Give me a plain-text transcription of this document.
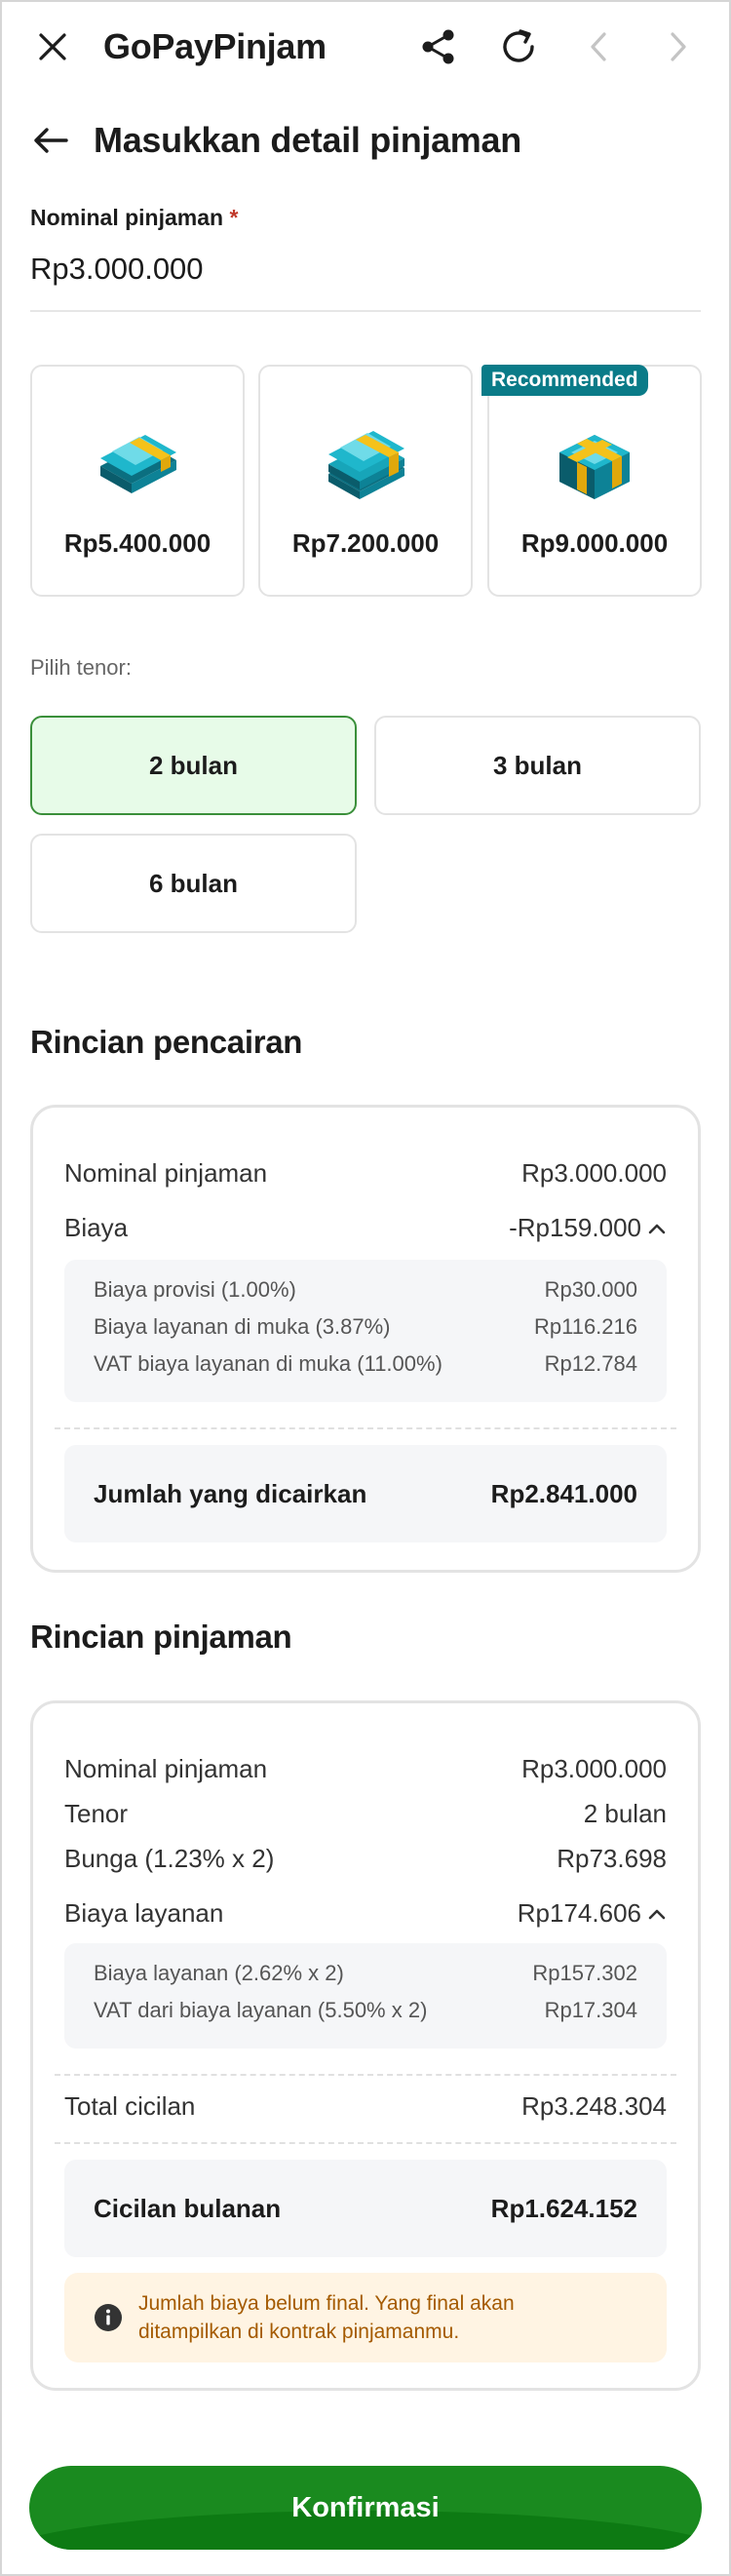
GoPayPinjam
Masukkan detail pinjaman
Nominal pinjaman *
Rp3.000.000
Rp5.400.000	Rp7.200.000	Rp9.000.000
Recommended
Pilih tenor:
2 bulan	3 bulan
6 bulan
Rincian pencairan
Nominal pinjaman	Rp3.000.000
Biaya	-Rp159.000
Biaya provisi (1.00%)	Rp30.000
Biaya layanan di muka (3.87%)	Rp116.216
VAT biaya layanan di muka (11.00%)	Rp12.784
Jumlah yang dicairkan	Rp2.841.000
Rincian pinjaman
Nominal pinjaman	Rp3.000.000
Tenor	2 bulan
Bunga (1.23% x 2)	Rp73.698
Biaya layanan	Rp174.606
Biaya layanan (2.62% x 2)	Rp157.302
VAT dari biaya layanan (5.50% x 2)	Rp17.304
Total cicilan	Rp3.248.304
Cicilan bulanan	Rp1.624.152
Jumlah biaya belum final. Yang final akan
ditampilkan di kontrak pinjamanmu.
Konfirmasi
